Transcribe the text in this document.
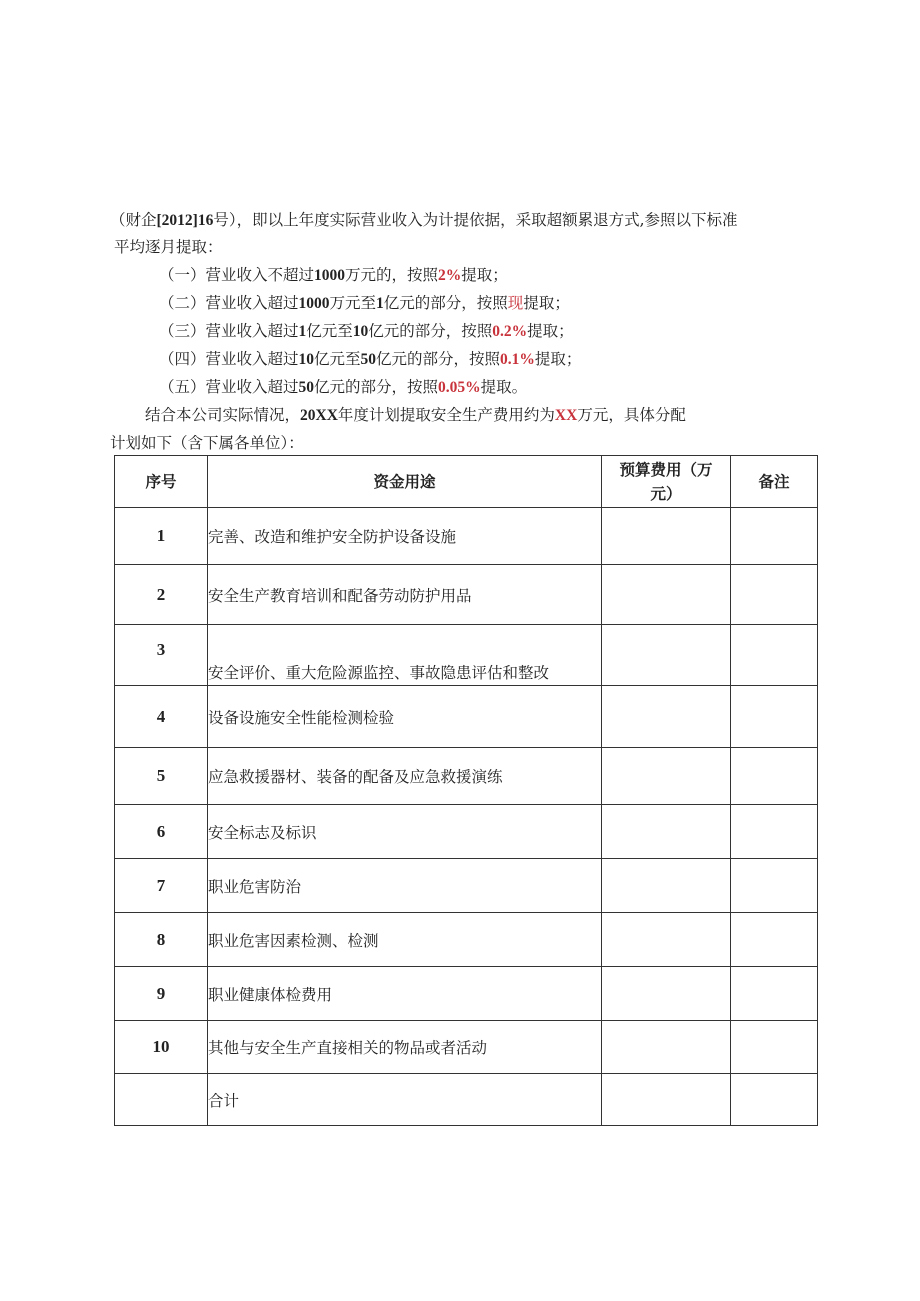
（财企[2012]16号），即以上年度实际营业收入为计提依据，采取超额累退方式,参照以下标准
平均逐月提取：
（一）营业收入不超过1000万元的，按照2%提取；
（二）营业收入超过1000万元至1亿元的部分，按照现提取；
（三）营业收入超过1亿元至10亿元的部分，按照0.2%提取；
（四）营业收入超过10亿元至50亿元的部分，按照0.1%提取；
（五）营业收入超过50亿元的部分，按照0.05%提取。
结合本公司实际情况，20XX年度计划提取安全生产费用约为XX万元，具体分配
计划如下（含下属各单位）：
序号	资金用途	预算费用（万
元）	备注
1	完善、改造和维护安全防护设备设施		
2	安全生产教育培训和配备劳动防护用品		
3	安全评价、重大危险源监控、事故隐患评估和整改		
4	设备设施安全性能检测检验		
5	应急救援器材、装备的配备及应急救援演练		
6	安全标志及标识		
7	职业危害防治		
8	职业危害因素检测、检测		
9	职业健康体检费用		
10	其他与安全生产直接相关的物品或者活动		
	合计		
